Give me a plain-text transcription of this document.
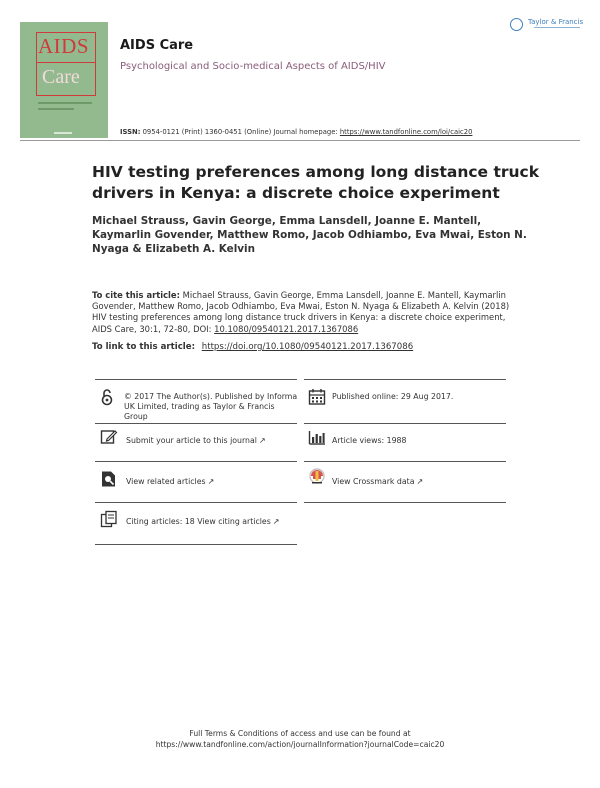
AIDS
Care
AIDS Care
Psychological and Socio-medical Aspects of AIDS/HIV
Taylor & Francis
ISSN: 0954-0121 (Print) 1360-0451 (Online) Journal homepage: https://www.tandfonline.com/loi/caic20
HIV testing preferences among long distance truck drivers in Kenya: a discrete choice experiment
Michael Strauss, Gavin George, Emma Lansdell, Joanne E. Mantell, Kaymarlin Govender, Matthew Romo, Jacob Odhiambo, Eva Mwai, Eston N. Nyaga & Elizabeth A. Kelvin
To cite this article: Michael Strauss, Gavin George, Emma Lansdell, Joanne E. Mantell, Kaymarlin Govender, Matthew Romo, Jacob Odhiambo, Eva Mwai, Eston N. Nyaga & Elizabeth A. Kelvin (2018) HIV testing preferences among long distance truck drivers in Kenya: a discrete choice experiment, AIDS Care, 30:1, 72-80, DOI: 10.1080/09540121.2017.1367086
To link to this article: https://doi.org/10.1080/09540121.2017.1367086
© 2017 The Author(s). Published by Informa UK Limited, trading as Taylor & Francis Group
Published online: 29 Aug 2017.
Submit your article to this journal ↗	Article views: 1988
View related articles ↗	View Crossmark data ↗
Citing articles: 18 View citing articles ↗
Full Terms & Conditions of access and use can be found at
https://www.tandfonline.com/action/journalInformation?journalCode=caic20
